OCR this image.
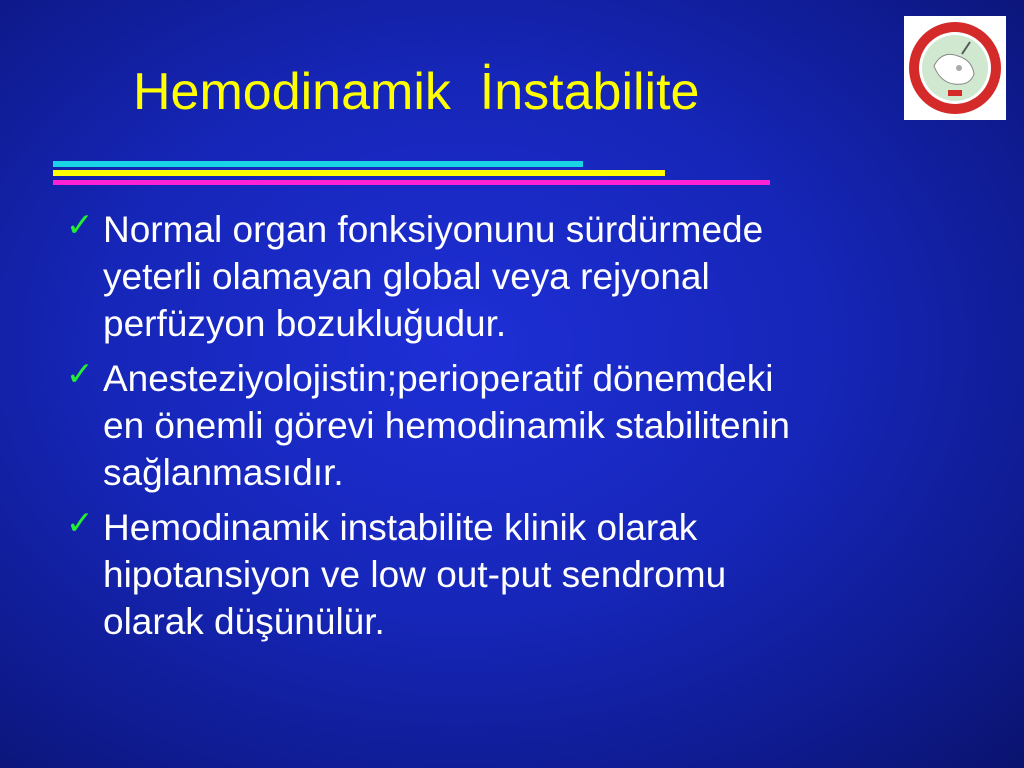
Hemodinamik  İnstabilite
✓ Normal organ fonksiyonunu sürdürmede
yeterli olamayan global veya rejyonal
perfüzyon bozukluğudur.
✓ Anesteziyolojistin;perioperatif dönemdeki
en önemli görevi hemodinamik stabilitenin
sağlanmasıdır.
✓ Hemodinamik instabilite klinik olarak
hipotansiyon ve low out-put sendromu
olarak düşünülür.
